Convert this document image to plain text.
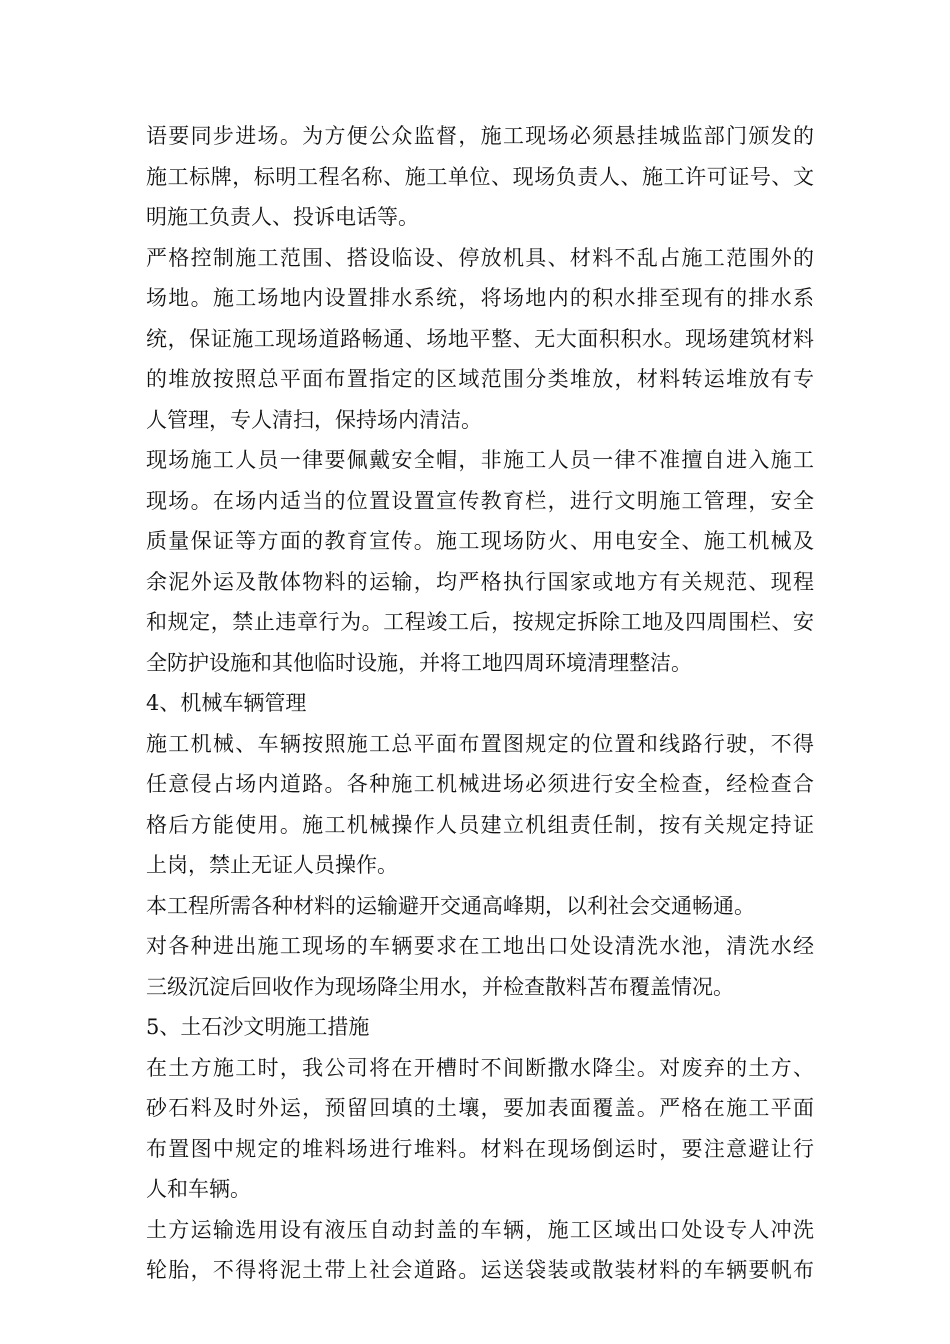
语要同步进场。为方便公众监督，施工现场必须悬挂城监部门颁发的
施工标牌，标明工程名称、施工单位、现场负责人、施工许可证号、文
明施工负责人、投诉电话等。
严格控制施工范围、搭设临设、停放机具、材料不乱占施工范围外的
场地。施工场地内设置排水系统，将场地内的积水排至现有的排水系
统，保证施工现场道路畅通、场地平整、无大面积积水。现场建筑材料
的堆放按照总平面布置指定的区域范围分类堆放，材料转运堆放有专
人管理，专人清扫，保持场内清洁。
现场施工人员一律要佩戴安全帽，非施工人员一律不准擅自进入施工
现场。在场内适当的位置设置宣传教育栏，进行文明施工管理，安全
质量保证等方面的教育宣传。施工现场防火、用电安全、施工机械及
余泥外运及散体物料的运输，均严格执行国家或地方有关规范、现程
和规定，禁止违章行为。工程竣工后，按规定拆除工地及四周围栏、安
全防护设施和其他临时设施，并将工地四周环境清理整洁。
4、机械车辆管理
施工机械、车辆按照施工总平面布置图规定的位置和线路行驶，不得
任意侵占场内道路。各种施工机械进场必须进行安全检查，经检查合
格后方能使用。施工机械操作人员建立机组责任制，按有关规定持证
上岗，禁止无证人员操作。
本工程所需各种材料的运输避开交通高峰期，以利社会交通畅通。
对各种进出施工现场的车辆要求在工地出口处设清洗水池，清洗水经
三级沉淀后回收作为现场降尘用水，并检查散料苫布覆盖情况。
5、土石沙文明施工措施
在土方施工时，我公司将在开槽时不间断撒水降尘。对废弃的土方、
砂石料及时外运，预留回填的土壤，要加表面覆盖。严格在施工平面
布置图中规定的堆料场进行堆料。材料在现场倒运时，要注意避让行
人和车辆。
土方运输选用设有液压自动封盖的车辆，施工区域出口处设专人冲洗
轮胎，不得将泥土带上社会道路。运送袋装或散装材料的车辆要帆布
